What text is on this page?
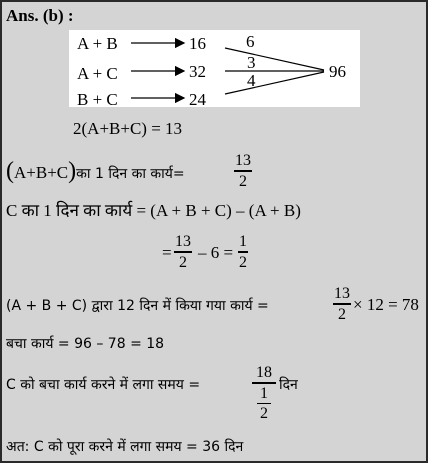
Ans. (b) :
A + B
A + C
B + C
16
32
24
6
3
4	96
2(A+B+C) = 13
(A+B+C)का 1 दिन का कार्य=
13
2
C का 1 दिन का कार्य = (A + B + C) – (A + B)
=
13
2 – 6 =
1
2
(A + B + C) द्वारा 12 दिन में किया गया कार्य =
13
2 × 12 = 78
बचा कार्य = 96 – 78 = 18
C को बचा कार्य करने में लगा समय =
18
1
2
दिन
अत: C को पूरा करने में लगा समय = 36 दिन
